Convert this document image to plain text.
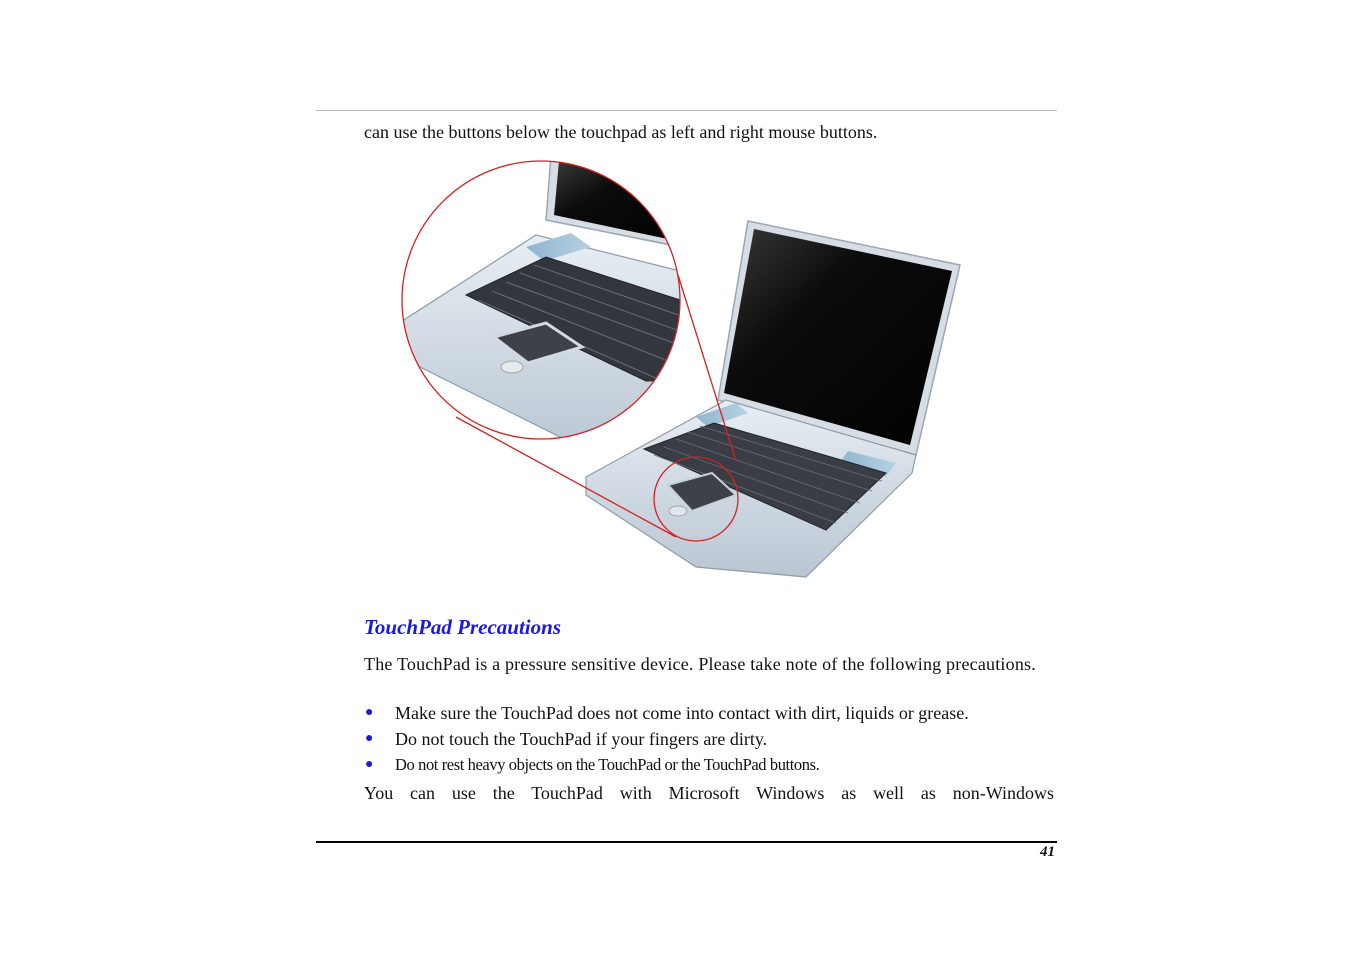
can use the buttons below the touchpad as left and right mouse buttons.
TouchPad Precautions
The TouchPad is a pressure sensitive device. Please take note of the following precautions.
● Make sure the TouchPad does not come into contact with dirt, liquids or grease.
● Do not touch the TouchPad if your fingers are dirty.
● Do not rest heavy objects on the TouchPad or the TouchPad buttons.
You can use the TouchPad with Microsoft Windows as well as non-Windows
41
